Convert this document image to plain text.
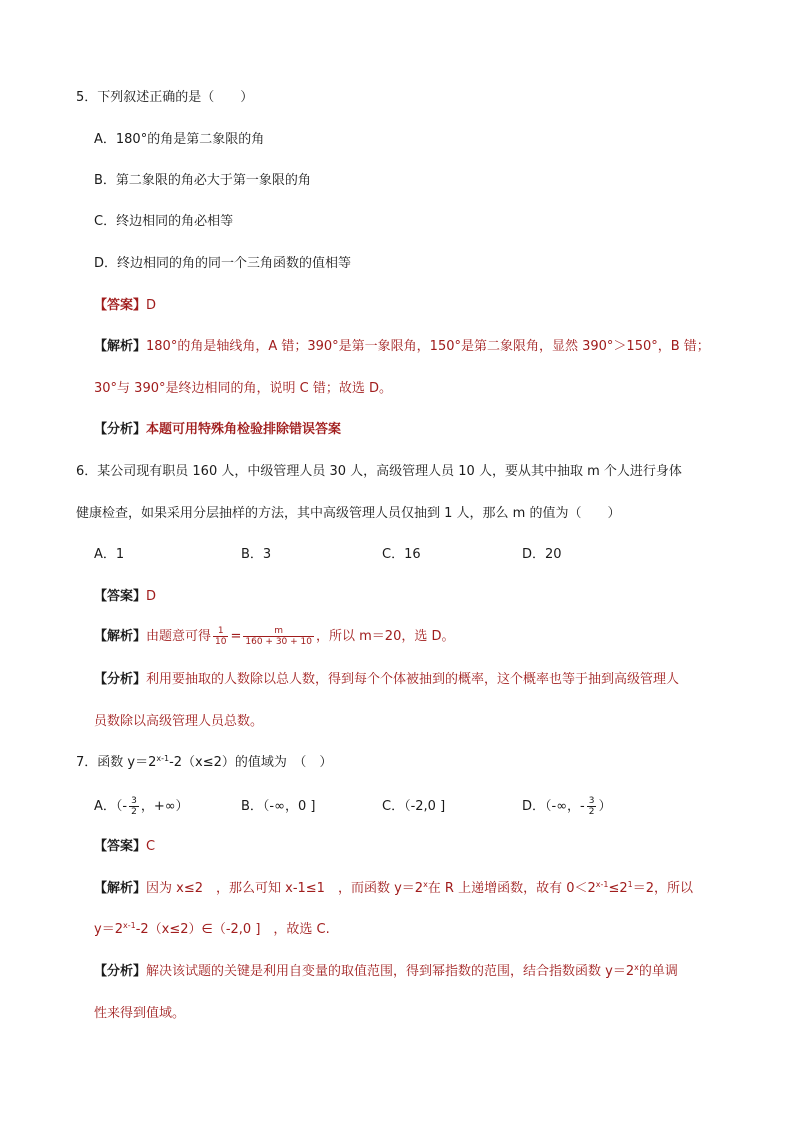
5．下列叙述正确的是（　　）
A．180°的角是第二象限的角
B．第二象限的角必大于第一象限的角
C．终边相同的角必相等
D．终边相同的角的同一个三角函数的值相等
【答案】D
【解析】180°的角是轴线角，A 错；390°是第一象限角，150°是第二象限角，显然 390°＞150°，B 错；
30°与 390°是终边相同的角，说明 C 错；故选 D。
【分析】本题可用特殊角检验排除错误答案
6．某公司现有职员 160 人，中级管理人员 30 人，高级管理人员 10 人，要从其中抽取 m 个人进行身体
健康检查，如果采用分层抽样的方法，其中高级管理人员仅抽到 1 人，那么 m 的值为（　　）
A．1	B．3	C．16	D．20
【答案】D
【解析】由题意可得 $\frac{1}{10} = \frac{m}{160 + 30 + 10}$ ，所以 m＝20，选 D。
【分析】利用要抽取的人数除以总人数，得到每个个体被抽到的概率，这个概率也等于抽到高级管理人
员数除以高级管理人员总数。
7．函数 $y=2^{x-1}-2(x\le 2)$的值域为　（　）
A．（- $\frac{3}{2}$ ，+∞）	B．（-∞，0 ]	C．（-2,0 ]	D．（-∞，- $\frac{3}{2}$ ）
【答案】C
【解析】因为 x≤2　，那么可知 x-1≤1　，而函数 $y=2^x$在 R 上递增函数，故有 $0<2^{x-1}\le 2^1=2$，所以
$y=2^{x-1}-2(x\le 2)\in(-2,0$ ]　，故选 C.
【分析】解决该试题的关键是利用自变量的取值范围，得到幂指数的范围，结合指数函数 $y=2^x$的单调
性来得到值域。
